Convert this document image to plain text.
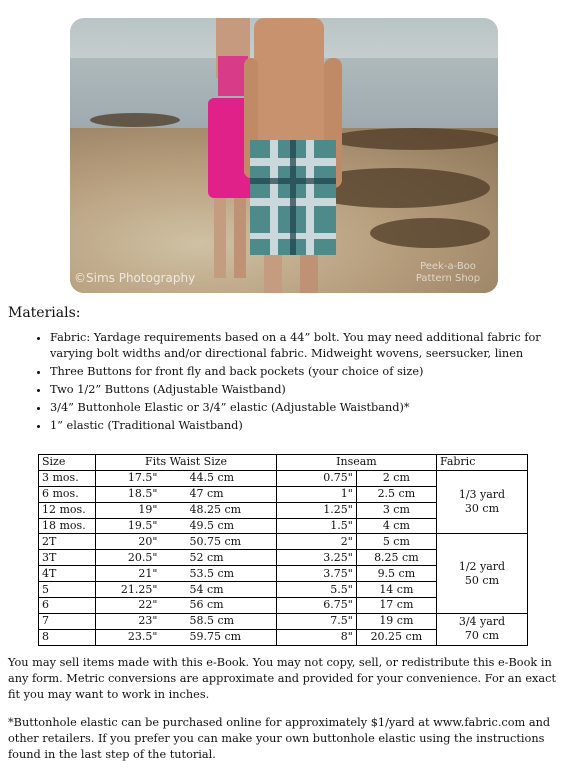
©Sims Photography
Peek-a-Boo Pattern Shop
Materials:
• Fabric: Yardage requirements based on a 44” bolt. You may need additional fabric for varying bolt widths and/or directional fabric. Midweight wovens, seersucker, linen
• Three Buttons for front fly and back pockets (your choice of size)
• Two 1/2” Buttons (Adjustable Waistband)
• 3/4” Buttonhole Elastic or 3/4” elastic (Adjustable Waistband)*
• 1” elastic (Traditional Waistband)
Size	Fits Waist Size		Inseam		Fabric
3 mos.	17.5"	44.5 cm	0.75"	2 cm	1/3 yard
30 cm

6 mos.	18.5"	47 cm	1"	2.5 cm	
12 mos.	19"	48.25 cm	1.25"	3 cm	
18 mos.	19.5"	49.5 cm	1.5"	4 cm	
2T	20"	50.75 cm	2"	5 cm	1/2 yard
50 cm

3T	20.5"	52 cm	3.25"	8.25 cm	
4T	21"	53.5 cm	3.75"	9.5 cm	
5	21.25"	54 cm	5.5"	14 cm	
6	22"	56 cm	6.75"	17 cm	
7	23"	58.5 cm	7.5"	19 cm	3/4 yard
70 cm

8	23.5"	59.75 cm	8"	20.25 cm	

You may sell items made with this e-Book. You may not copy, sell, or redistribute this e-Book in any form. Metric conversions are approximate and provided for your convenience. For an exact fit you may want to work in inches.

*Buttonhole elastic can be purchased online for approximately $1/yard at www.fabric.com and other retailers. If you prefer you can make your own buttonhole elastic using the instructions found in the last step of the tutorial.
